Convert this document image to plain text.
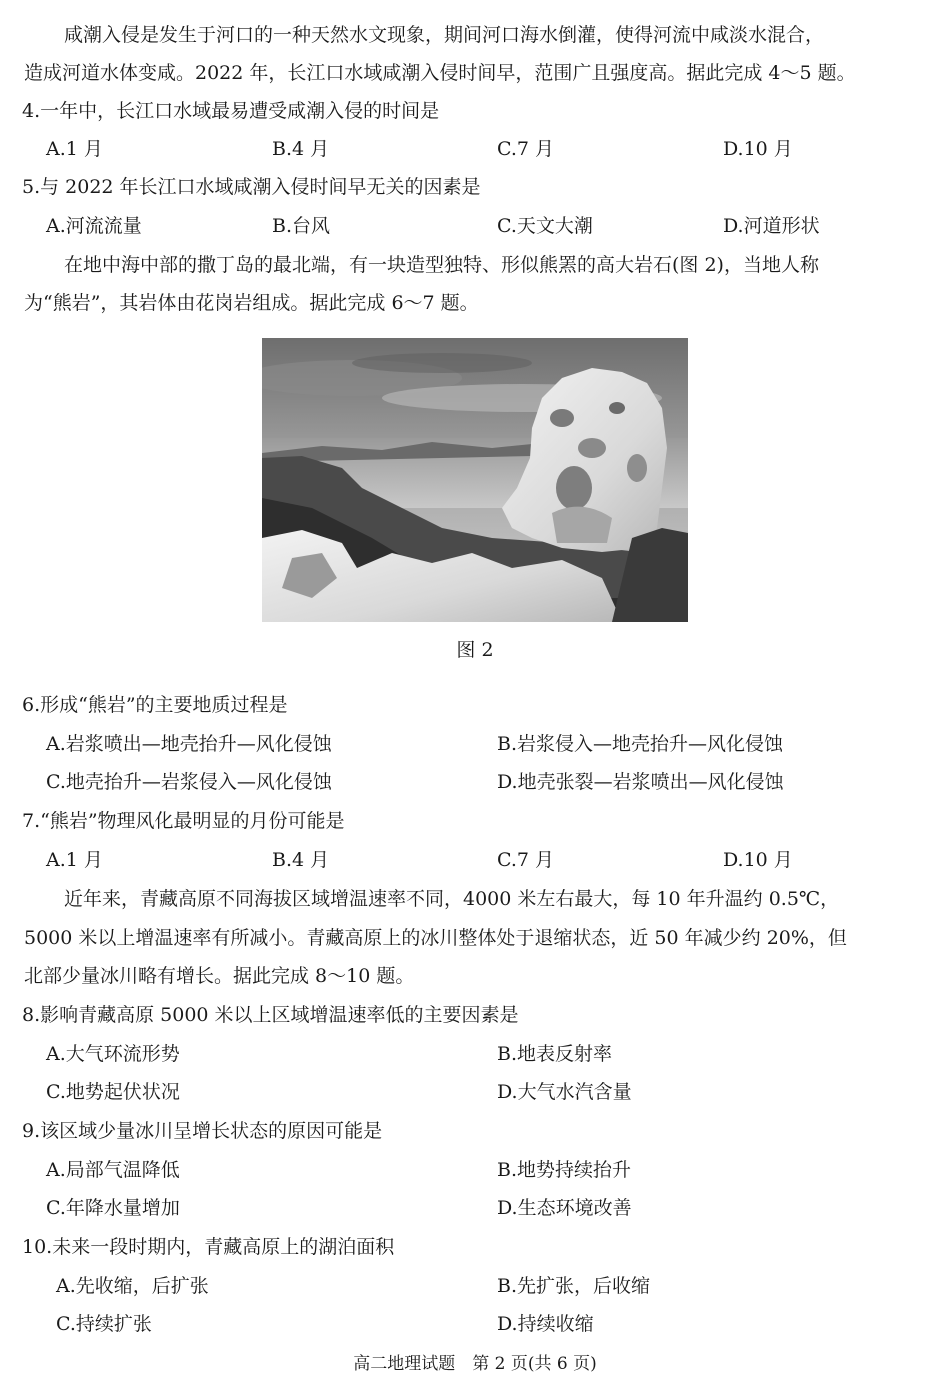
咸潮入侵是发生于河口的一种天然水文现象，期间河口海水倒灌，使得河流中咸淡水混合，
造成河道水体变咸。2022 年，长江口水域咸潮入侵时间早，范围广且强度高。据此完成 4～5 题。
4.一年中，长江口水域最易遭受咸潮入侵的时间是
A.1 月	B.4 月	C.7 月	D.10 月
5.与 2022 年长江口水域咸潮入侵时间早无关的因素是
A.河流流量	B.台风	C.天文大潮	D.河道形状
在地中海中部的撒丁岛的最北端，有一块造型独特、形似熊罴的高大岩石(图 2)，当地人称
为“熊岩”，其岩体由花岗岩组成。据此完成 6～7 题。
图 2
6.形成“熊岩”的主要地质过程是
A.岩浆喷出—地壳抬升—风化侵蚀	B.岩浆侵入—地壳抬升—风化侵蚀
C.地壳抬升—岩浆侵入—风化侵蚀	D.地壳张裂—岩浆喷出—风化侵蚀
7.“熊岩”物理风化最明显的月份可能是
A.1 月	B.4 月	C.7 月	D.10 月
近年来，青藏高原不同海拔区域增温速率不同，4000 米左右最大，每 10 年升温约 0.5℃，
5000 米以上增温速率有所减小。青藏高原上的冰川整体处于退缩状态，近 50 年减少约 20%，但
北部少量冰川略有增长。据此完成 8～10 题。
8.影响青藏高原 5000 米以上区域增温速率低的主要因素是
A.大气环流形势	B.地表反射率
C.地势起伏状况	D.大气水汽含量
9.该区域少量冰川呈增长状态的原因可能是
A.局部气温降低	B.地势持续抬升
C.年降水量增加	D.生态环境改善
10.未来一段时期内，青藏高原上的湖泊面积
A.先收缩，后扩张	B.先扩张，后收缩
C.持续扩张	D.持续收缩
高二地理试题　第 2 页(共 6 页)
